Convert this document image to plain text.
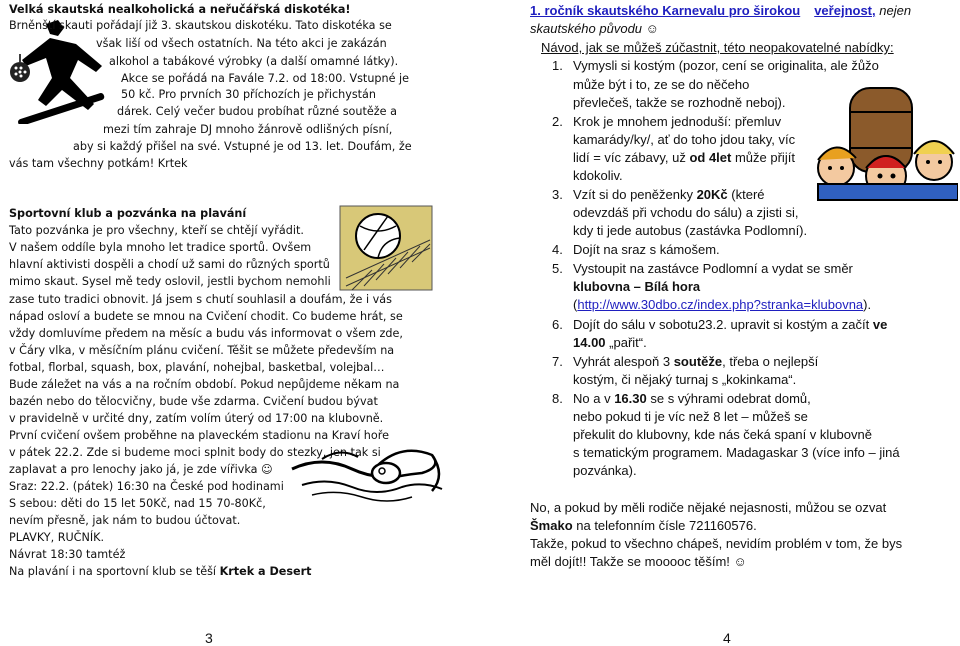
Velká skautská nealkoholická a neřučářská diskotéka!
Brněnští skauti pořádají již 3. skautskou diskotéku. Tato diskotéka se
však liší od všech ostatních. Na této akci je zakázán
alkohol a tabákové výrobky (a další omamné látky).
Akce se pořádá na Favále 7.2. od 18:00. Vstupné je
50 kč. Pro prvních 30 příchozích je přichystán
dárek. Celý večer budou probíhat různé soutěže a
mezi tím zahraje DJ mnoho žánrově odlišných písní,
aby si každý přišel na své. Vstupné je od 13. let. Doufám, že
vás tam všechny potkám! Krtek
Sportovní klub a pozvánka na plavání
Tato pozvánka je pro všechny, kteří se chtějí vyřádit.
V našem oddíle byla mnoho let tradice sportů. Ovšem
hlavní aktivisti dospěli a chodí už sami do různých sportů
mimo skaut. Sysel mě tedy oslovil, jestli bychom nemohli
zase tuto tradici obnovit. Já jsem s chutí souhlasil a doufám, že i vás
nápad osloví a budete se mnou na Cvičení chodit. Co budeme hrát, se
vždy domluvíme předem na měsíc a budu vás informovat o všem zde,
v Čáry vlka, v měsíčním plánu cvičení. Těšit se můžete především na
fotbal, florbal, squash, box, plavání, nohejbal, basketbal, volejbal…
Bude záležet na vás a na ročním období. Pokud nepůjdeme někam na
bazén nebo do tělocvičny, bude vše zdarma. Cvičení budou bývat
v pravidelně v určité dny, zatím volím úterý od 17:00 na klubovně.
První cvičení ovšem proběhne na plaveckém stadionu na Kraví hoře
v pátek 22.2. Zde si budeme moci splnit body do stezky, jen tak si
zaplavat a pro lenochy jako já, je zde vířivka ☺
Sraz: 22.2. (pátek) 16:30 na České pod hodinami
S sebou: děti do 15 let 50Kč, nad 15 70-80Kč,
nevím přesně, jak nám to budou účtovat.
PLAVKY, RUČNÍK.
Návrat 18:30 tamtéž
Na plavání i na sportovní klub se těší Krtek a Desert
3
1. ročník skautského Karnevalu pro širokou veřejnost, nejen
skautského původu ☺
Návod, jak se můžeš zúčastnit, této neopakovatelné nabídky:
1. Vymysli si kostým (pozor, cení se originalita, ale žůžo
může být i to, ze se do něčeho
převlečeš, takže se rozhodně neboj).
2. Krok je mnohem jednoduší: přemluv
kamarády/ky/, ať do toho jdou taky, víc
lidí = víc zábavy, už od 4let může přijít
kdokoliv.
3. Vzít si do peněženky 20Kč (které
odevzdáš při vchodu do sálu) a zjisti si,
kdy ti jede autobus (zastávka Podlomní).
4. Dojít na sraz s kámošem.
5. Vystoupit na zastávce Podlomní a vydat se směr
klubovna – Bílá hora
(http://www.30dbo.cz/index.php?stranka=klubovna).
6. Dojít do sálu v sobotu23.2. upravit si kostým a začít ve
14.00 „pařit“.
7. Vyhrát alespoň 3 soutěže, třeba o nejlepší
kostým, či nějaký turnaj s „kokinkama“.
8. No a v 16.30 se s výhrami odebrat domů,
nebo pokud ti je víc než 8 let – můžeš se
překulit do klubovny, kde nás čeká spaní v klubovně
s tematickým programem. Madagaskar 3 (více info – jiná
pozvánka).
No, a pokud by měli rodiče nějaké nejasnosti, můžou se ozvat
Šmako na telefonním čísle 721160576.
Takže, pokud to všechno chápeš, nevidím problém v tom, že bys
měl dojít!! Takže se mooooc těším! ☺
4
